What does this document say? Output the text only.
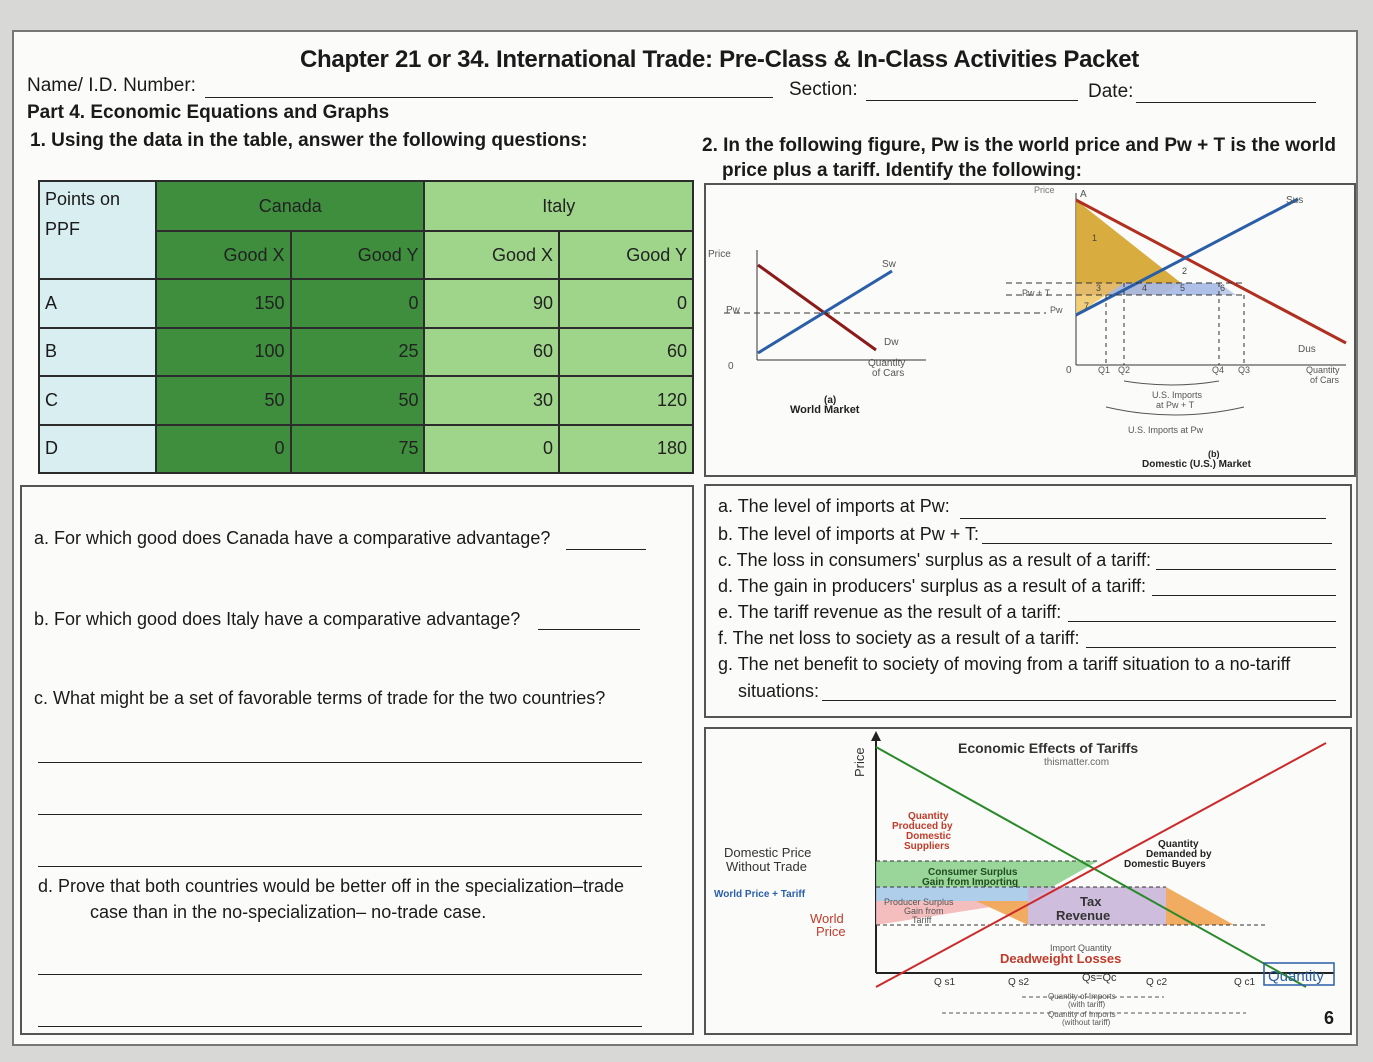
Chapter 21 or 34. International Trade: Pre-Class & In-Class Activities Packet
Name/ I.D. Number:	Section:	Date:
Part 4. Economic Equations and Graphs
1. Using the data in the table, answer the following questions:	2. In the following figure, Pw is the world price and Pw + T is the world
price plus a tariff. Identify the following:
Points on PPF	Canada		Italy	
	Good X	Good Y	Good X	Good Y
A	150	0	90	0
B	100	25	60	60
C	50	50	30	120
D	0	75	0	180
Price
Sw
Dw
Pw
0	Quantity
of Cars
(a)
World Market
Price	A
Sus
Dus
Pw + T
Pw
0
1
2
3	4	5	6
7
Q1 Q2	Q4 Q3	Quantity
of Cars
U.S. Imports
at Pw + T
U.S. Imports at Pw
(b)
Domestic (U.S.) Market
a. For which good does Canada have a comparative advantage?
b. For which good does Italy have a comparative advantage?
c. What might be a set of favorable terms of trade for the two countries?
d. Prove that both countries would be better off in the specialization–trade
case than in the no-specialization– no-trade case.
a. The level of imports at Pw:
b. The level of imports at Pw + T:
c. The loss in consumers' surplus as a result of a tariff:
d. The gain in producers' surplus as a result of a tariff:
e. The tariff revenue as the result of a tariff:
f. The net loss to society as a result of a tariff:
g. The net benefit to society of moving from a tariff situation to a no-tariff
situations:
Price	Economic Effects of Tariffs
thismatter.com
Quantity
Produced by
Domestic
Suppliers	Quantity
Demanded by
Domestic Buyers
Domestic Price
Without Trade
World Price + Tariff
World
Price
Consumer Surplus
Gain from Importing
Producer Surplus
Gain from
Tariff
Tax
Revenue
Import Quantity
Deadweight Losses
Q s1	Q s2	Qs=Qc	Q c2	Q c1 Quantity
Quantity of Imports
(with tariff)
Quantity of Imports
(without tariff)	6
